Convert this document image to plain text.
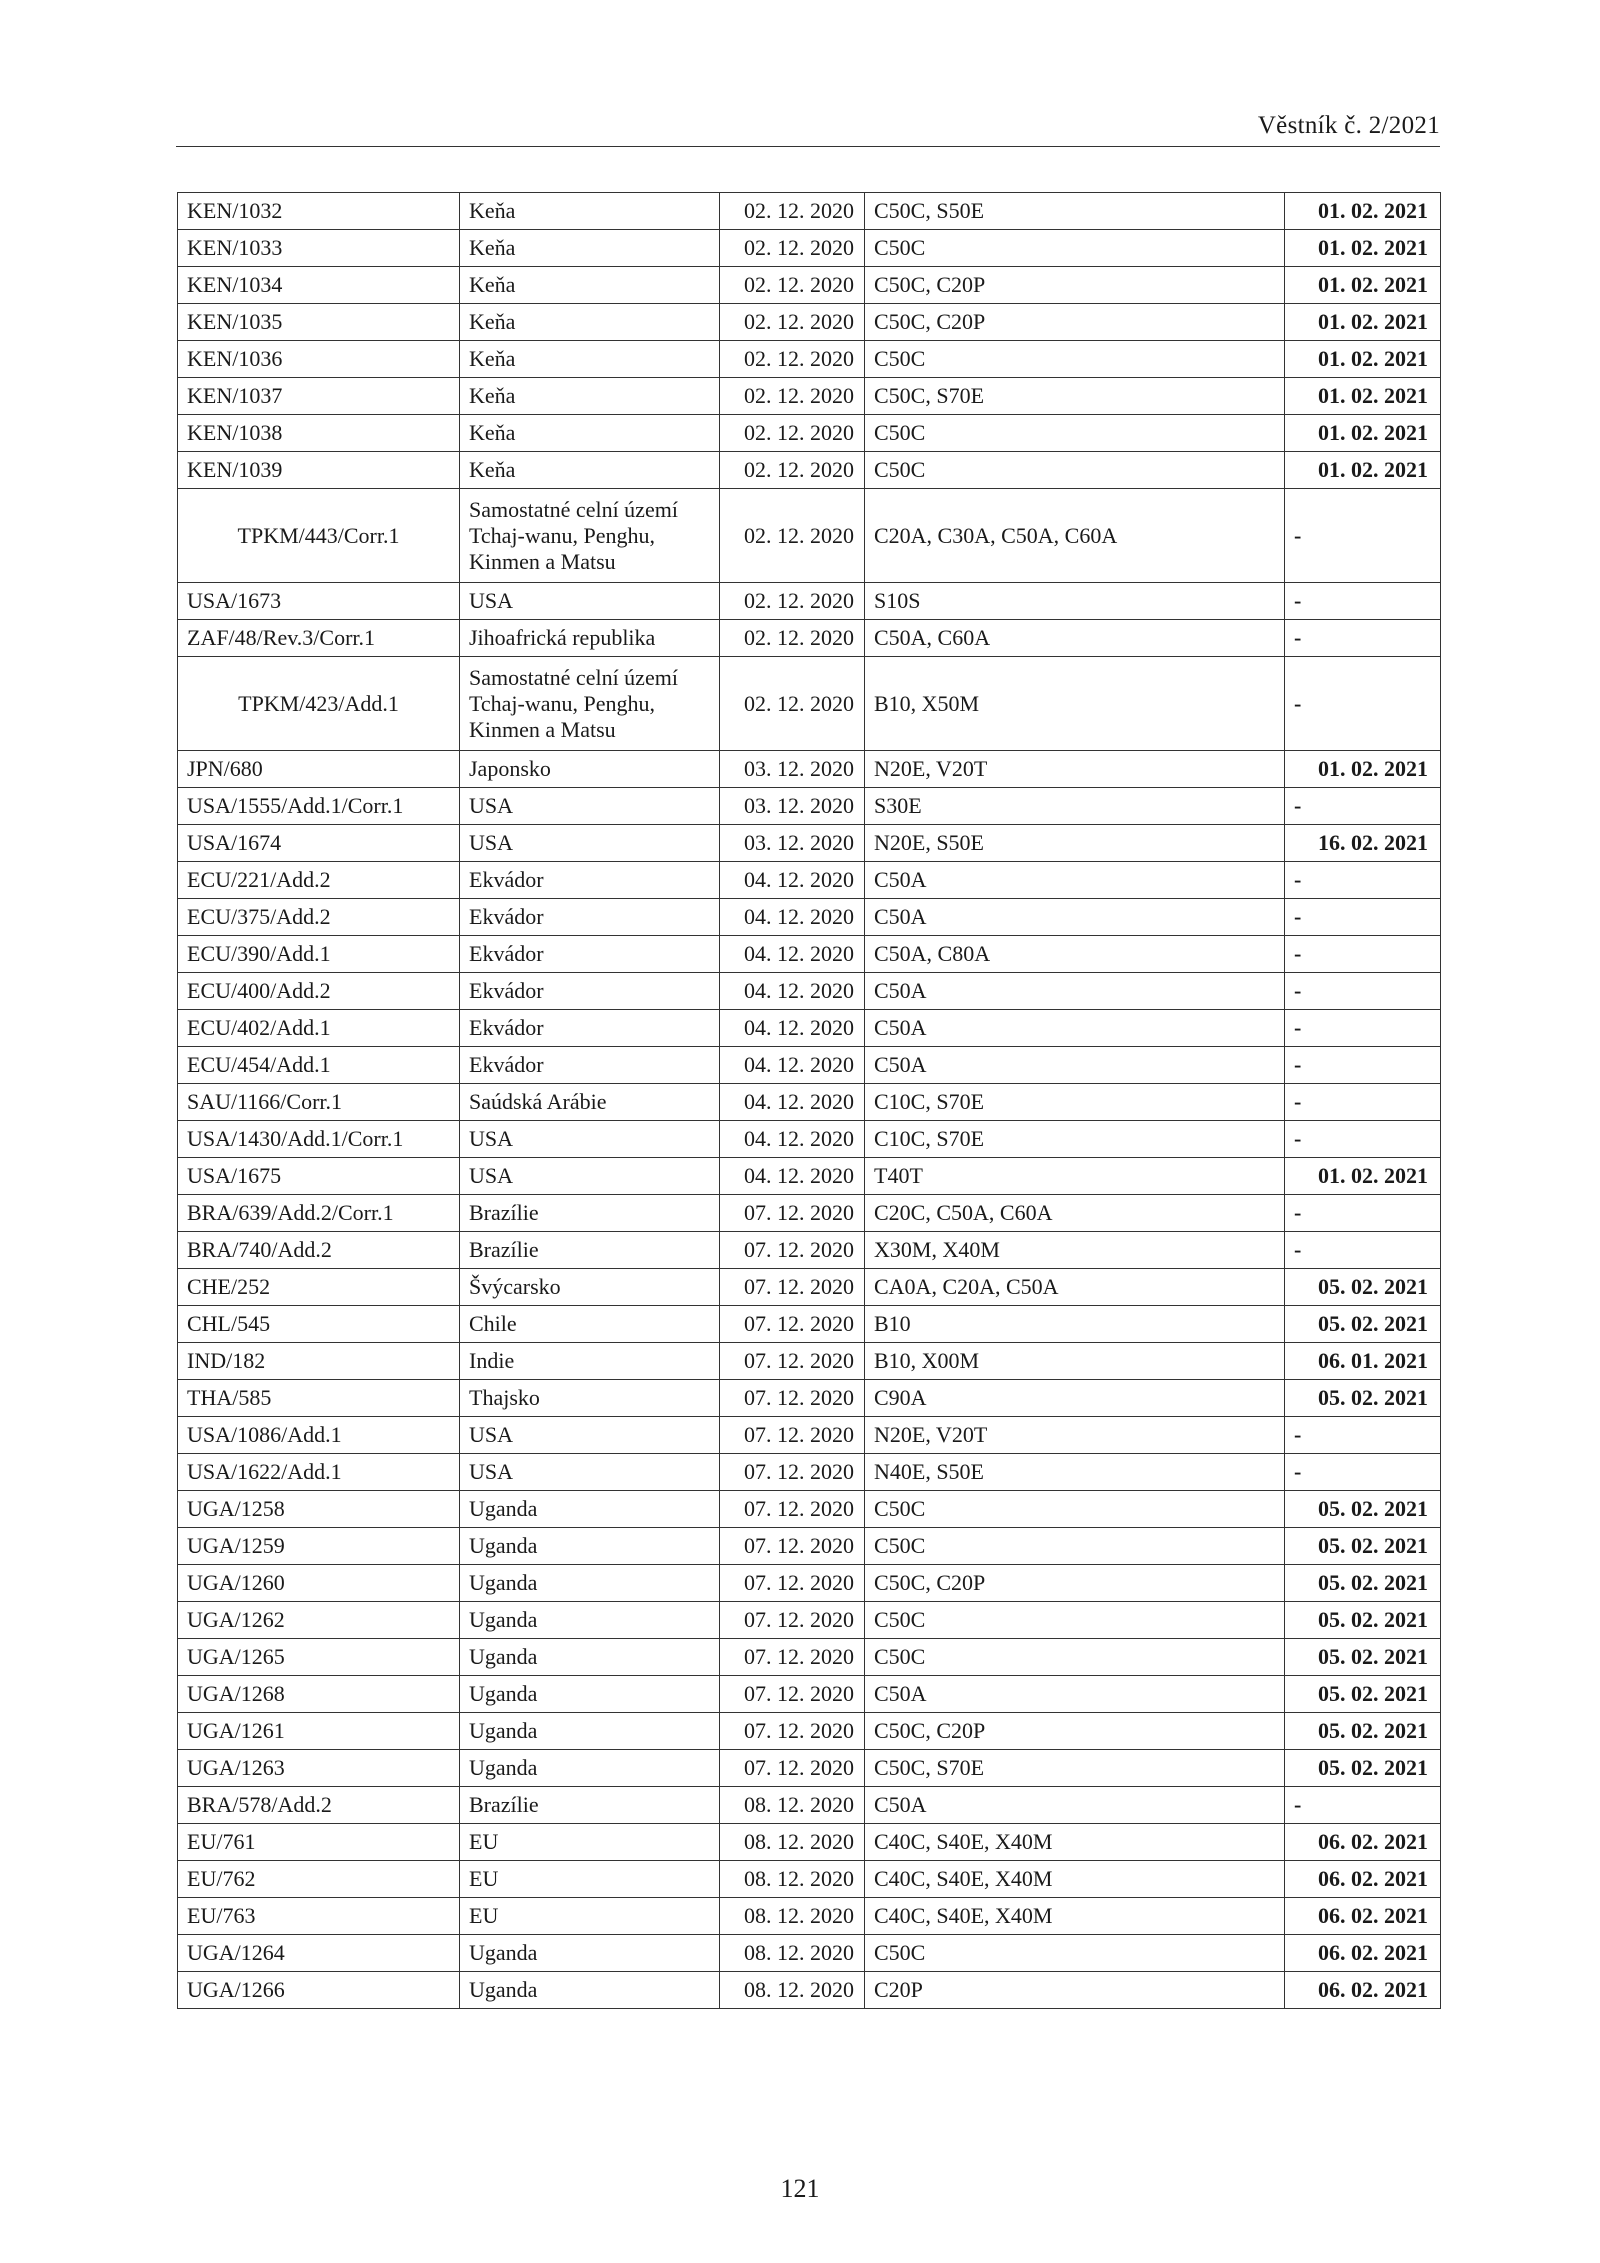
Věstník č. 2/2021
KEN/1032	Keňa	02. 12. 2020	C50C, S50E	01. 02. 2021
KEN/1033	Keňa	02. 12. 2020	C50C	01. 02. 2021
KEN/1034	Keňa	02. 12. 2020	C50C, C20P	01. 02. 2021
KEN/1035	Keňa	02. 12. 2020	C50C, C20P	01. 02. 2021
KEN/1036	Keňa	02. 12. 2020	C50C	01. 02. 2021
KEN/1037	Keňa	02. 12. 2020	C50C, S70E	01. 02. 2021
KEN/1038	Keňa	02. 12. 2020	C50C	01. 02. 2021
KEN/1039	Keňa	02. 12. 2020	C50C	01. 02. 2021
TPKM/443/Corr.1	Samostatné celní území Tchaj-wanu, Penghu, Kinmen a Matsu	02. 12. 2020	C20A, C30A, C50A, C60A	-
USA/1673	USA	02. 12. 2020	S10S	-
ZAF/48/Rev.3/Corr.1	Jihoafrická republika	02. 12. 2020	C50A, C60A	-
TPKM/423/Add.1	Samostatné celní území Tchaj-wanu, Penghu, Kinmen a Matsu	02. 12. 2020	B10, X50M	-
JPN/680	Japonsko	03. 12. 2020	N20E, V20T	01. 02. 2021
USA/1555/Add.1/Corr.1	USA	03. 12. 2020	S30E	-
USA/1674	USA	03. 12. 2020	N20E, S50E	16. 02. 2021
ECU/221/Add.2	Ekvádor	04. 12. 2020	C50A	-
ECU/375/Add.2	Ekvádor	04. 12. 2020	C50A	-
ECU/390/Add.1	Ekvádor	04. 12. 2020	C50A, C80A	-
ECU/400/Add.2	Ekvádor	04. 12. 2020	C50A	-
ECU/402/Add.1	Ekvádor	04. 12. 2020	C50A	-
ECU/454/Add.1	Ekvádor	04. 12. 2020	C50A	-
SAU/1166/Corr.1	Saúdská Arábie	04. 12. 2020	C10C, S70E	-
USA/1430/Add.1/Corr.1	USA	04. 12. 2020	C10C, S70E	-
USA/1675	USA	04. 12. 2020	T40T	01. 02. 2021
BRA/639/Add.2/Corr.1	Brazílie	07. 12. 2020	C20C, C50A, C60A	-
BRA/740/Add.2	Brazílie	07. 12. 2020	X30M, X40M	-
CHE/252	Švýcarsko	07. 12. 2020	CA0A, C20A, C50A	05. 02. 2021
CHL/545	Chile	07. 12. 2020	B10	05. 02. 2021
IND/182	Indie	07. 12. 2020	B10, X00M	06. 01. 2021
THA/585	Thajsko	07. 12. 2020	C90A	05. 02. 2021
USA/1086/Add.1	USA	07. 12. 2020	N20E, V20T	-
USA/1622/Add.1	USA	07. 12. 2020	N40E, S50E	-
UGA/1258	Uganda	07. 12. 2020	C50C	05. 02. 2021
UGA/1259	Uganda	07. 12. 2020	C50C	05. 02. 2021
UGA/1260	Uganda	07. 12. 2020	C50C, C20P	05. 02. 2021
UGA/1262	Uganda	07. 12. 2020	C50C	05. 02. 2021
UGA/1265	Uganda	07. 12. 2020	C50C	05. 02. 2021
UGA/1268	Uganda	07. 12. 2020	C50A	05. 02. 2021
UGA/1261	Uganda	07. 12. 2020	C50C, C20P	05. 02. 2021
UGA/1263	Uganda	07. 12. 2020	C50C, S70E	05. 02. 2021
BRA/578/Add.2	Brazílie	08. 12. 2020	C50A	-
EU/761	EU	08. 12. 2020	C40C, S40E, X40M	06. 02. 2021
EU/762	EU	08. 12. 2020	C40C, S40E, X40M	06. 02. 2021
EU/763	EU	08. 12. 2020	C40C, S40E, X40M	06. 02. 2021
UGA/1264	Uganda	08. 12. 2020	C50C	06. 02. 2021
UGA/1266	Uganda	08. 12. 2020	C20P	06. 02. 2021
121
